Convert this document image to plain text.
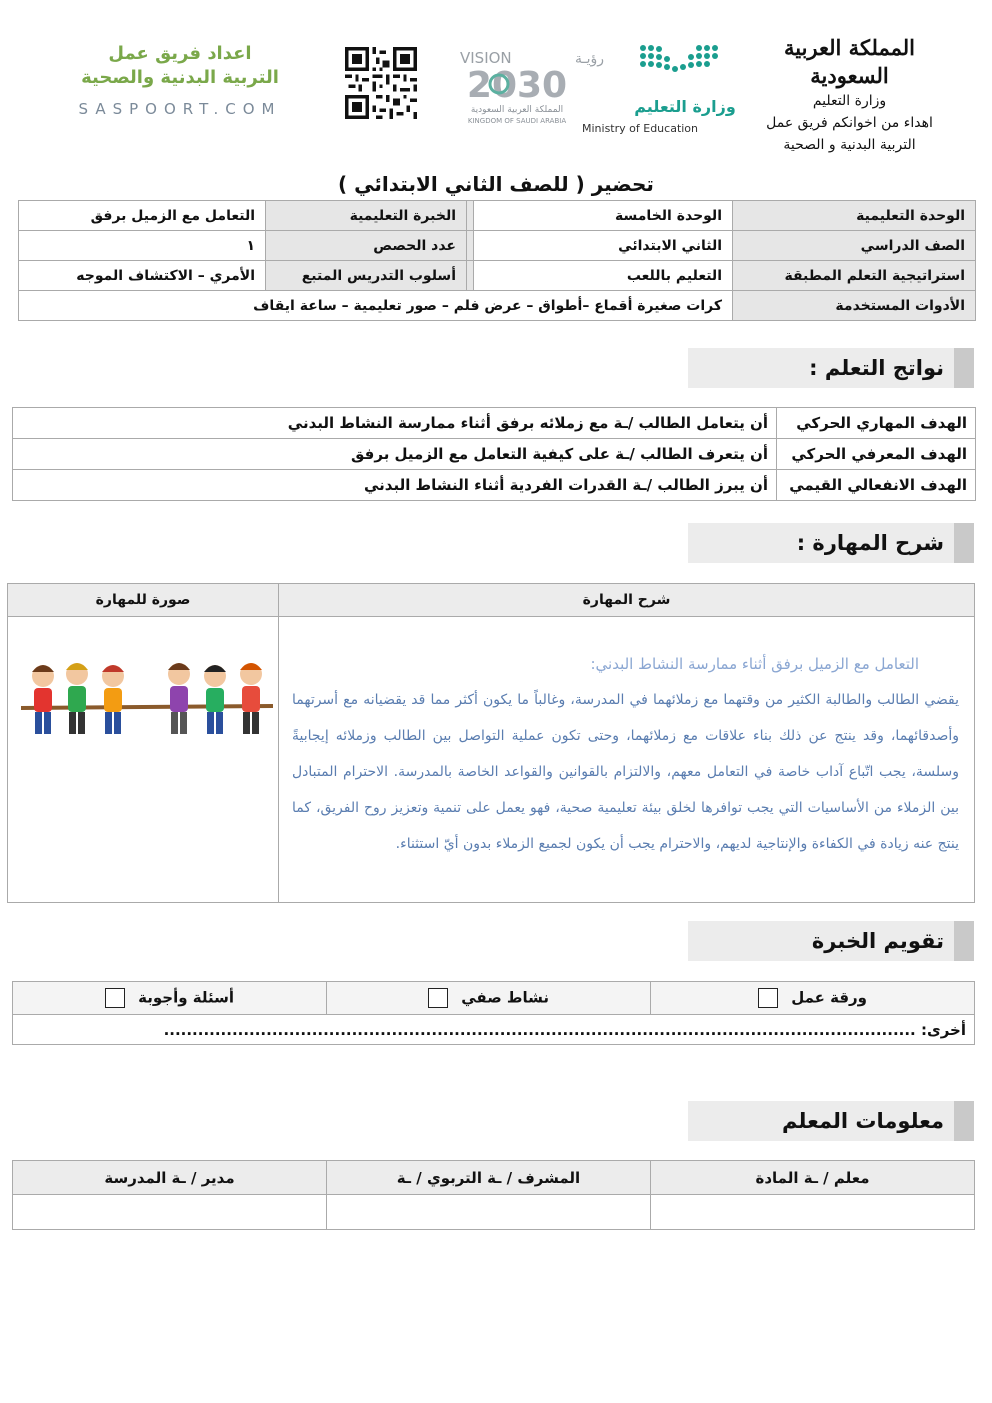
المملكة العربية السعودية
وزارة التعليم
اهداء من اخوانكم فريق عمل
التربية البدنية و الصحية
وزارة التعليم
Ministry of Education
VISION	رؤيـة
2030
المملكة العربية السعودية
KINGDOM OF SAUDI ARABIA
اعداد فريق عمل
التربية البدنية والصحية
SASPOORT.COM
تحضير ( للصف الثاني الابتدائي )
الوحدة التعليمية	الوحدة الخامسة		الخبرة التعليمية	التعامل مع الزميل برفق
الصف الدراسي	الثاني الابتدائي		عدد الحصص	١
استراتيجية التعلم المطبقة	التعليم باللعب		أسلوب التدريس المتبع	الأمري – الاكتشاف الموجه
الأدوات المستخدمة	كرات صغيرة أقماع –أطواق – عرض فلم – صور تعليمية – ساعة ايقاف			
نواتج التعلم :
الهدف المهاري الحركي	أن يتعامل الطالب /ـة مع زملائه برفق أثناء ممارسة النشاط البدني
الهدف المعرفي الحركي	أن يتعرف الطالب /ـة على كيفية التعامل مع الزميل برفق
الهدف الانفعالي القيمي	أن يبرز الطالب /ـة القدرات الفردية أثناء النشاط البدني
شرح المهارة :
شرح المهارة	صورة للمهارة

التعامل مع الزميل برفق أثناء ممارسة النشاط البدني:
يقضي الطالب والطالبة الكثير من وقتهما مع زملائهما في المدرسة، وغالباً ما يكون أكثر مما قد يقضيانه مع أسرتهما وأصدقائهما، وقد ينتج عن ذلك بناء علاقات مع زملائهما، وحتى تكون عملية التواصل بين الطالب وزملائه إيجابيةً وسلسة، يجب اتّباع آداب خاصة في التعامل معهم، والالتزام بالقوانين والقواعد الخاصة بالمدرسة. الاحترام المتبادل بين الزملاء من الأساسيات التي يجب توافرها لخلق بيئة تعليمية صحية، فهو يعمل على تنمية وتعزيز روح الفريق، كما ينتج عنه زيادة في الكفاءة والإنتاجية لديهم، والاحترام يجب أن يكون لجميع الزملاء بدون أيّ استثناء.

تقويم الخبرة
ورقة عمل	نشاط صفي	أسئلة وأجوبة
أخرى: ....................................................................................................................................
معلومات المعلم
معلم / ـة المادة	المشرف / ـة التربوي / ـة	مدير / ـة المدرسة
